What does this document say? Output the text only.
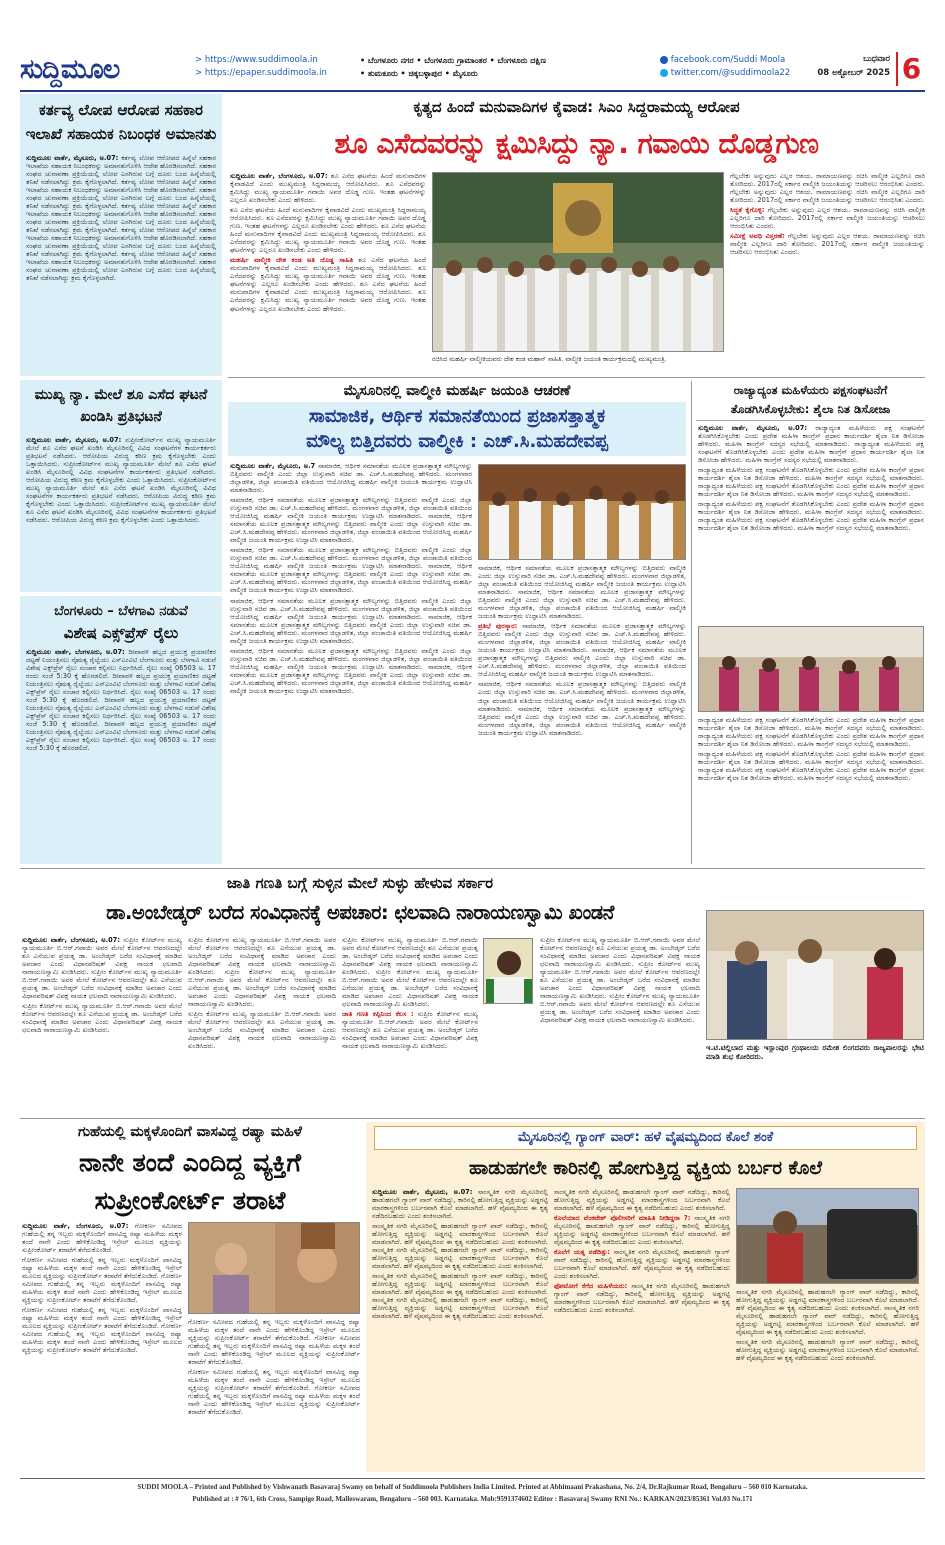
ಸುದ್ದಿಮೂಲ	> https://www.suddimoola.in
> https://epaper.suddimoola.in
• ಬೆಂಗಳೂರು ನಗರ • ಬೆಂಗಳೂರು ಗ್ರಾಮಾಂತರ • ಬೆಂಗಳೂರು ದಕ್ಷಿಣ
• ತುಮಕೂರು • ಚಿಕ್ಕಬಳ್ಳಾಪುರ • ಮೈಸೂರು
facebook.com/Suddi Moola
twitter.com/@suddimoola22
ಬುಧವಾರ
08 ಅಕ್ಟೋಬರ್ 2025 6
ಕರ್ತವ್ಯ ಲೋಪ ಆರೋಪ ಸಹಕಾರ ಇಲಾಖೆ ಸಹಾಯಕ ನಿಬಂಧಕ ಅಮಾನತು

ಸುದ್ದಿಮೂಲ ವಾರ್ತೆ, ಮೈಸೂರು, ಅ.07: ಕರ್ತವ್ಯ ಲೋಪ ಆರೋಪದ ಹಿನ್ನೆಲೆ ಸಹಕಾರ ಇಲಾಖೆಯ ಸಹಾಯಕ ನಿಬಂಧಕರನ್ನು ಅಮಾನತುಗೊಳಿಸಿ ಆದೇಶ ಹೊರಡಿಸಲಾಗಿದೆ. ಸಹಕಾರ ಸಂಘದ ಚುನಾವಣಾ ಪ್ರಕ್ರಿಯೆಯಲ್ಲಿ ಲೋಪ ಎಸಗಿರುವ ಬಗ್ಗೆ ದೂರು ಬಂದ ಹಿನ್ನೆಲೆಯಲ್ಲಿ ತನಿಖೆ ನಡೆಸಲಾಗಿದ್ದು ಕ್ರಮ ಕೈಗೊಳ್ಳಲಾಗಿದೆ. ಕರ್ತವ್ಯ ಲೋಪ ಆರೋಪದ ಹಿನ್ನೆಲೆ ಸಹಕಾರ ಇಲಾಖೆಯ ಸಹಾಯಕ ನಿಬಂಧಕರನ್ನು ಅಮಾನತುಗೊಳಿಸಿ ಆದೇಶ ಹೊರಡಿಸಲಾಗಿದೆ. ಸಹಕಾರ ಸಂಘದ ಚುನಾವಣಾ ಪ್ರಕ್ರಿಯೆಯಲ್ಲಿ ಲೋಪ ಎಸಗಿರುವ ಬಗ್ಗೆ ದೂರು ಬಂದ ಹಿನ್ನೆಲೆಯಲ್ಲಿ ತನಿಖೆ ನಡೆಸಲಾಗಿದ್ದು ಕ್ರಮ ಕೈಗೊಳ್ಳಲಾಗಿದೆ. ಕರ್ತವ್ಯ ಲೋಪ ಆರೋಪದ ಹಿನ್ನೆಲೆ ಸಹಕಾರ ಇಲಾಖೆಯ ಸಹಾಯಕ ನಿಬಂಧಕರನ್ನು ಅಮಾನತುಗೊಳಿಸಿ ಆದೇಶ ಹೊರಡಿಸಲಾಗಿದೆ. ಸಹಕಾರ ಸಂಘದ ಚುನಾವಣಾ ಪ್ರಕ್ರಿಯೆಯಲ್ಲಿ ಲೋಪ ಎಸಗಿರುವ ಬಗ್ಗೆ ದೂರು ಬಂದ ಹಿನ್ನೆಲೆಯಲ್ಲಿ ತನಿಖೆ ನಡೆಸಲಾಗಿದ್ದು ಕ್ರಮ ಕೈಗೊಳ್ಳಲಾಗಿದೆ. ಕರ್ತವ್ಯ ಲೋಪ ಆರೋಪದ ಹಿನ್ನೆಲೆ ಸಹಕಾರ ಇಲಾಖೆಯ ಸಹಾಯಕ ನಿಬಂಧಕರನ್ನು ಅಮಾನತುಗೊಳಿಸಿ ಆದೇಶ ಹೊರಡಿಸಲಾಗಿದೆ. ಸಹಕಾರ ಸಂಘದ ಚುನಾವಣಾ ಪ್ರಕ್ರಿಯೆಯಲ್ಲಿ ಲೋಪ ಎಸಗಿರುವ ಬಗ್ಗೆ ದೂರು ಬಂದ ಹಿನ್ನೆಲೆಯಲ್ಲಿ ತನಿಖೆ ನಡೆಸಲಾಗಿದ್ದು ಕ್ರಮ ಕೈಗೊಳ್ಳಲಾಗಿದೆ. ಕರ್ತವ್ಯ ಲೋಪ ಆರೋಪದ ಹಿನ್ನೆಲೆ ಸಹಕಾರ ಇಲಾಖೆಯ ಸಹಾಯಕ ನಿಬಂಧಕರನ್ನು ಅಮಾನತುಗೊಳಿಸಿ ಆದೇಶ ಹೊರಡಿಸಲಾಗಿದೆ. ಸಹಕಾರ ಸಂಘದ ಚುನಾವಣಾ ಪ್ರಕ್ರಿಯೆಯಲ್ಲಿ ಲೋಪ ಎಸಗಿರುವ ಬಗ್ಗೆ ದೂರು ಬಂದ ಹಿನ್ನೆಲೆಯಲ್ಲಿ ತನಿಖೆ ನಡೆಸಲಾಗಿದ್ದು ಕ್ರಮ ಕೈಗೊಳ್ಳಲಾಗಿದೆ.

ಮುಖ್ಯ ನ್ಯಾ. ಮೇಲೆ ಶೂ ಎಸೆದ ಘಟನೆ ಖಂಡಿಸಿ ಪ್ರತಿಭಟನೆ

ಸುದ್ದಿಮೂಲ ವಾರ್ತೆ, ಮೈಸೂರು, ಅ.07: ಸುಪ್ರೀಂಕೋರ್ಟ್‌ನ ಮುಖ್ಯ ನ್ಯಾಯಮೂರ್ತಿ ಮೇಲೆ ಶೂ ಎಸೆದ ಘಟನೆ ಖಂಡಿಸಿ ಮೈಸೂರಿನಲ್ಲಿ ವಿವಿಧ ಸಂಘಟನೆಗಳ ಕಾರ್ಯಕರ್ತರು ಪ್ರತಿಭಟನೆ ನಡೆಸಿದರು. ಆರೋಪಿಯ ವಿರುದ್ಧ ಕಠಿಣ ಕ್ರಮ ಕೈಗೊಳ್ಳಬೇಕು ಎಂದು ಒತ್ತಾಯಿಸಿದರು. ಸುಪ್ರೀಂಕೋರ್ಟ್‌ನ ಮುಖ್ಯ ನ್ಯಾಯಮೂರ್ತಿ ಮೇಲೆ ಶೂ ಎಸೆದ ಘಟನೆ ಖಂಡಿಸಿ ಮೈಸೂರಿನಲ್ಲಿ ವಿವಿಧ ಸಂಘಟನೆಗಳ ಕಾರ್ಯಕರ್ತರು ಪ್ರತಿಭಟನೆ ನಡೆಸಿದರು. ಆರೋಪಿಯ ವಿರುದ್ಧ ಕಠಿಣ ಕ್ರಮ ಕೈಗೊಳ್ಳಬೇಕು ಎಂದು ಒತ್ತಾಯಿಸಿದರು. ಸುಪ್ರೀಂಕೋರ್ಟ್‌ನ ಮುಖ್ಯ ನ್ಯಾಯಮೂರ್ತಿ ಮೇಲೆ ಶೂ ಎಸೆದ ಘಟನೆ ಖಂಡಿಸಿ ಮೈಸೂರಿನಲ್ಲಿ ವಿವಿಧ ಸಂಘಟನೆಗಳ ಕಾರ್ಯಕರ್ತರು ಪ್ರತಿಭಟನೆ ನಡೆಸಿದರು. ಆರೋಪಿಯ ವಿರುದ್ಧ ಕಠಿಣ ಕ್ರಮ ಕೈಗೊಳ್ಳಬೇಕು ಎಂದು ಒತ್ತಾಯಿಸಿದರು. ಸುಪ್ರೀಂಕೋರ್ಟ್‌ನ ಮುಖ್ಯ ನ್ಯಾಯಮೂರ್ತಿ ಮೇಲೆ ಶೂ ಎಸೆದ ಘಟನೆ ಖಂಡಿಸಿ ಮೈಸೂರಿನಲ್ಲಿ ವಿವಿಧ ಸಂಘಟನೆಗಳ ಕಾರ್ಯಕರ್ತರು ಪ್ರತಿಭಟನೆ ನಡೆಸಿದರು. ಆರೋಪಿಯ ವಿರುದ್ಧ ಕಠಿಣ ಕ್ರಮ ಕೈಗೊಳ್ಳಬೇಕು ಎಂದು ಒತ್ತಾಯಿಸಿದರು.

ಬೆಂಗಳೂರು – ಬೆಳಗಾವಿ ನಡುವೆ
ವಿಶೇಷ ಎಕ್ಸ್‌ಪ್ರೆಸ್ ರೈಲು

ಸುದ್ದಿಮೂಲ ವಾರ್ತೆ, ಬೆಂಗಳೂರು, ಅ.07: ದೀಪಾವಳಿ ಹಬ್ಬದ ಪ್ರಯುಕ್ತ ಪ್ರಯಾಣಿಕರ ದಟ್ಟಣೆ ನಿಯಂತ್ರಿಸಲು ನೈಋತ್ಯ ರೈಲ್ವೆಯು ಎಸ್‌ಎಂವಿಟಿ ಬೆಂಗಳೂರು ಮತ್ತು ಬೆಳಗಾವಿ ನಡುವೆ ವಿಶೇಷ ಎಕ್ಸ್‌ಪ್ರೆಸ್ ರೈಲು ಸಂಚಾರ ಕಲ್ಪಿಸಲು ನಿರ್ಧರಿಸಿದೆ. ರೈಲು ಸಂಖ್ಯೆ 06503 ಅ. 17 ರಂದು ಸಂಜೆ 5:30 ಕ್ಕೆ ಹೊರಡಲಿದೆ. ದೀಪಾವಳಿ ಹಬ್ಬದ ಪ್ರಯುಕ್ತ ಪ್ರಯಾಣಿಕರ ದಟ್ಟಣೆ ನಿಯಂತ್ರಿಸಲು ನೈಋತ್ಯ ರೈಲ್ವೆಯು ಎಸ್‌ಎಂವಿಟಿ ಬೆಂಗಳೂರು ಮತ್ತು ಬೆಳಗಾವಿ ನಡುವೆ ವಿಶೇಷ ಎಕ್ಸ್‌ಪ್ರೆಸ್ ರೈಲು ಸಂಚಾರ ಕಲ್ಪಿಸಲು ನಿರ್ಧರಿಸಿದೆ. ರೈಲು ಸಂಖ್ಯೆ 06503 ಅ. 17 ರಂದು ಸಂಜೆ 5:30 ಕ್ಕೆ ಹೊರಡಲಿದೆ. ದೀಪಾವಳಿ ಹಬ್ಬದ ಪ್ರಯುಕ್ತ ಪ್ರಯಾಣಿಕರ ದಟ್ಟಣೆ ನಿಯಂತ್ರಿಸಲು ನೈಋತ್ಯ ರೈಲ್ವೆಯು ಎಸ್‌ಎಂವಿಟಿ ಬೆಂಗಳೂರು ಮತ್ತು ಬೆಳಗಾವಿ ನಡುವೆ ವಿಶೇಷ ಎಕ್ಸ್‌ಪ್ರೆಸ್ ರೈಲು ಸಂಚಾರ ಕಲ್ಪಿಸಲು ನಿರ್ಧರಿಸಿದೆ. ರೈಲು ಸಂಖ್ಯೆ 06503 ಅ. 17 ರಂದು ಸಂಜೆ 5:30 ಕ್ಕೆ ಹೊರಡಲಿದೆ. ದೀಪಾವಳಿ ಹಬ್ಬದ ಪ್ರಯುಕ್ತ ಪ್ರಯಾಣಿಕರ ದಟ್ಟಣೆ ನಿಯಂತ್ರಿಸಲು ನೈಋತ್ಯ ರೈಲ್ವೆಯು ಎಸ್‌ಎಂವಿಟಿ ಬೆಂಗಳೂರು ಮತ್ತು ಬೆಳಗಾವಿ ನಡುವೆ ವಿಶೇಷ ಎಕ್ಸ್‌ಪ್ರೆಸ್ ರೈಲು ಸಂಚಾರ ಕಲ್ಪಿಸಲು ನಿರ್ಧರಿಸಿದೆ. ರೈಲು ಸಂಖ್ಯೆ 06503 ಅ. 17 ರಂದು ಸಂಜೆ 5:30 ಕ್ಕೆ ಹೊರಡಲಿದೆ.

ಕೃತ್ಯದ ಹಿಂದೆ ಮನುವಾದಿಗಳ ಕೈವಾಡ: ಸಿಎಂ ಸಿದ್ದರಾಮಯ್ಯ ಆರೋಪ
ಶೂ ಎಸೆದವರನ್ನು ಕ್ಷಮಿಸಿದ್ದು ನ್ಯಾ. ಗವಾಯಿ ದೊಡ್ಡಗುಣ

ಸುದ್ದಿಮೂಲ ವಾರ್ತೆ, ಬೆಂಗಳೂರು, ಅ.07: ಶೂ ಎಸೆದ ಘಟನೆಯ ಹಿಂದೆ ಮನುವಾದಿಗಳ ಕೈವಾಡವಿದೆ ಎಂದು ಮುಖ್ಯಮಂತ್ರಿ ಸಿದ್ದರಾಮಯ್ಯ ಆರೋಪಿಸಿದರು. ಶೂ ಎಸೆದವರನ್ನು ಕ್ಷಮಿಸಿದ್ದು ಮುಖ್ಯ ನ್ಯಾಯಮೂರ್ತಿ ಗವಾಯಿ ಅವರ ದೊಡ್ಡ ಗುಣ. ಇಂತಹ ಘಟನೆಗಳನ್ನು ಎಲ್ಲರೂ ಖಂಡಿಸಬೇಕು ಎಂದು ಹೇಳಿದರು.

ಶೂ ಎಸೆದ ಘಟನೆಯ ಹಿಂದೆ ಮನುವಾದಿಗಳ ಕೈವಾಡವಿದೆ ಎಂದು ಮುಖ್ಯಮಂತ್ರಿ ಸಿದ್ದರಾಮಯ್ಯ ಆರೋಪಿಸಿದರು. ಶೂ ಎಸೆದವರನ್ನು ಕ್ಷಮಿಸಿದ್ದು ಮುಖ್ಯ ನ್ಯಾಯಮೂರ್ತಿ ಗವಾಯಿ ಅವರ ದೊಡ್ಡ ಗುಣ. ಇಂತಹ ಘಟನೆಗಳನ್ನು ಎಲ್ಲರೂ ಖಂಡಿಸಬೇಕು ಎಂದು ಹೇಳಿದರು. ಶೂ ಎಸೆದ ಘಟನೆಯ ಹಿಂದೆ ಮನುವಾದಿಗಳ ಕೈವಾಡವಿದೆ ಎಂದು ಮುಖ್ಯಮಂತ್ರಿ ಸಿದ್ದರಾಮಯ್ಯ ಆರೋಪಿಸಿದರು. ಶೂ ಎಸೆದವರನ್ನು ಕ್ಷಮಿಸಿದ್ದು ಮುಖ್ಯ ನ್ಯಾಯಮೂರ್ತಿ ಗವಾಯಿ ಅವರ ದೊಡ್ಡ ಗುಣ. ಇಂತಹ ಘಟನೆಗಳನ್ನು ಎಲ್ಲರೂ ಖಂಡಿಸಬೇಕು ಎಂದು ಹೇಳಿದರು.

ಮಹರ್ಷಿ ವಾಲ್ಮೀಕಿ ದೇಶ ಕಂಡ ಅತಿ ದೊಡ್ಡ ಸಾಹಿತಿ ಶೂ ಎಸೆದ ಘಟನೆಯ ಹಿಂದೆ ಮನುವಾದಿಗಳ ಕೈವಾಡವಿದೆ ಎಂದು ಮುಖ್ಯಮಂತ್ರಿ ಸಿದ್ದರಾಮಯ್ಯ ಆರೋಪಿಸಿದರು. ಶೂ ಎಸೆದವರನ್ನು ಕ್ಷಮಿಸಿದ್ದು ಮುಖ್ಯ ನ್ಯಾಯಮೂರ್ತಿ ಗವಾಯಿ ಅವರ ದೊಡ್ಡ ಗುಣ. ಇಂತಹ ಘಟನೆಗಳನ್ನು ಎಲ್ಲರೂ ಖಂಡಿಸಬೇಕು ಎಂದು ಹೇಳಿದರು. ಶೂ ಎಸೆದ ಘಟನೆಯ ಹಿಂದೆ ಮನುವಾದಿಗಳ ಕೈವಾಡವಿದೆ ಎಂದು ಮುಖ್ಯಮಂತ್ರಿ ಸಿದ್ದರಾಮಯ್ಯ ಆರೋಪಿಸಿದರು. ಶೂ ಎಸೆದವರನ್ನು ಕ್ಷಮಿಸಿದ್ದು ಮುಖ್ಯ ನ್ಯಾಯಮೂರ್ತಿ ಗವಾಯಿ ಅವರ ದೊಡ್ಡ ಗುಣ. ಇಂತಹ ಘಟನೆಗಳನ್ನು ಎಲ್ಲರೂ ಖಂಡಿಸಬೇಕು ಎಂದು ಹೇಳಿದರು.

ರಚಿಸಿದ ಮಹರ್ಷಿ ವಾಲ್ಮೀಕಿಯವರು ದೇಶ ಕಂಡ ಮಹಾನ್ ಸಾಹಿತಿ. ವಾಲ್ಮೀಕಿ ಜಯಂತಿ ಕಾರ್ಯಕ್ರಮದಲ್ಲಿ ಮುಖ್ಯಮಂತ್ರಿ.

ಗೆಲ್ಲಬೇಕು ಅನ್ನುವುದು ಎಲ್ಲರ ಆಶಯ. ರಾಮಾಯಣವನ್ನು ರಚಿಸಿ ವಾಲ್ಮೀಕಿ ಎಲ್ಲರಿಗೂ ದಾರಿ ತೋರಿದರು. 2017ರಲ್ಲಿ ಸರ್ಕಾರ ವಾಲ್ಮೀಕಿ ಜಯಂತಿಯನ್ನು ಆಚರಿಸಲು ಆರಂಭಿಸಿತು ಎಂದರು. ಗೆಲ್ಲಬೇಕು ಅನ್ನುವುದು ಎಲ್ಲರ ಆಶಯ. ರಾಮಾಯಣವನ್ನು ರಚಿಸಿ ವಾಲ್ಮೀಕಿ ಎಲ್ಲರಿಗೂ ದಾರಿ ತೋರಿದರು. 2017ರಲ್ಲಿ ಸರ್ಕಾರ ವಾಲ್ಮೀಕಿ ಜಯಂತಿಯನ್ನು ಆಚರಿಸಲು ಆರಂಭಿಸಿತು ಎಂದರು.

ಸಿದ್ಧತೆ ಕೈಗೊಳ್ಳಿ: ಗೆಲ್ಲಬೇಕು ಅನ್ನುವುದು ಎಲ್ಲರ ಆಶಯ. ರಾಮಾಯಣವನ್ನು ರಚಿಸಿ ವಾಲ್ಮೀಕಿ ಎಲ್ಲರಿಗೂ ದಾರಿ ತೋರಿದರು. 2017ರಲ್ಲಿ ಸರ್ಕಾರ ವಾಲ್ಮೀಕಿ ಜಯಂತಿಯನ್ನು ಆಚರಿಸಲು ಆರಂಭಿಸಿತು ಎಂದರು.

ಸಮೀಕ್ಷೆ ಅವಧಿ ವಿಸ್ತರಣೆ: ಗೆಲ್ಲಬೇಕು ಅನ್ನುವುದು ಎಲ್ಲರ ಆಶಯ. ರಾಮಾಯಣವನ್ನು ರಚಿಸಿ ವಾಲ್ಮೀಕಿ ಎಲ್ಲರಿಗೂ ದಾರಿ ತೋರಿದರು. 2017ರಲ್ಲಿ ಸರ್ಕಾರ ವಾಲ್ಮೀಕಿ ಜಯಂತಿಯನ್ನು ಆಚರಿಸಲು ಆರಂಭಿಸಿತು ಎಂದರು.

ಮೈಸೂರಿನಲ್ಲಿ ವಾಲ್ಮೀಕಿ ಮಹರ್ಷಿ ಜಯಂತಿ ಆಚರಣೆ
ಸಾಮಾಜಿಕ, ಆರ್ಥಿಕ ಸಮಾನತೆಯಿಂದ ಪ್ರಜಾಸತ್ತಾತ್ಮಕ
ಮೌಲ್ಯ ಬಿತ್ತಿದವರು ವಾಲ್ಮೀಕಿ : ಎಚ್.ಸಿ.ಮಹದೇವಪ್ಪ

ಸುದ್ದಿಮೂಲ ವಾರ್ತೆ, ಮೈಸೂರು, ಅ.7 ಸಾಮಾಜಿಕ, ಆರ್ಥಿಕ ಸಮಾನತೆಯ ಮೂಲಕ ಪ್ರಜಾಸತ್ತಾತ್ಮಕ ಮೌಲ್ಯಗಳನ್ನು ಬಿತ್ತಿದವರು ವಾಲ್ಮೀಕಿ ಎಂದು ಜಿಲ್ಲಾ ಉಸ್ತುವಾರಿ ಸಚಿವ ಡಾ. ಎಚ್.ಸಿ.ಮಹದೇವಪ್ಪ ಹೇಳಿದರು. ಮಂಗಳವಾರ ಜಿಲ್ಲಾಡಳಿತ, ಜಿಲ್ಲಾ ಪಂಚಾಯಿತಿ ವತಿಯಿಂದ ಆಯೋಜಿಸಿದ್ದ ಮಹರ್ಷಿ ವಾಲ್ಮೀಕಿ ಜಯಂತಿ ಕಾರ್ಯಕ್ರಮ ಉದ್ಘಾಟಿಸಿ ಮಾತನಾಡಿದರು.

ಸಾಮಾಜಿಕ, ಆರ್ಥಿಕ ಸಮಾನತೆಯ ಮೂಲಕ ಪ್ರಜಾಸತ್ತಾತ್ಮಕ ಮೌಲ್ಯಗಳನ್ನು ಬಿತ್ತಿದವರು ವಾಲ್ಮೀಕಿ ಎಂದು ಜಿಲ್ಲಾ ಉಸ್ತುವಾರಿ ಸಚಿವ ಡಾ. ಎಚ್.ಸಿ.ಮಹದೇವಪ್ಪ ಹೇಳಿದರು. ಮಂಗಳವಾರ ಜಿಲ್ಲಾಡಳಿತ, ಜಿಲ್ಲಾ ಪಂಚಾಯಿತಿ ವತಿಯಿಂದ ಆಯೋಜಿಸಿದ್ದ ಮಹರ್ಷಿ ವಾಲ್ಮೀಕಿ ಜಯಂತಿ ಕಾರ್ಯಕ್ರಮ ಉದ್ಘಾಟಿಸಿ ಮಾತನಾಡಿದರು. ಸಾಮಾಜಿಕ, ಆರ್ಥಿಕ ಸಮಾನತೆಯ ಮೂಲಕ ಪ್ರಜಾಸತ್ತಾತ್ಮಕ ಮೌಲ್ಯಗಳನ್ನು ಬಿತ್ತಿದವರು ವಾಲ್ಮೀಕಿ ಎಂದು ಜಿಲ್ಲಾ ಉಸ್ತುವಾರಿ ಸಚಿವ ಡಾ. ಎಚ್.ಸಿ.ಮಹದೇವಪ್ಪ ಹೇಳಿದರು. ಮಂಗಳವಾರ ಜಿಲ್ಲಾಡಳಿತ, ಜಿಲ್ಲಾ ಪಂಚಾಯಿತಿ ವತಿಯಿಂದ ಆಯೋಜಿಸಿದ್ದ ಮಹರ್ಷಿ ವಾಲ್ಮೀಕಿ ಜಯಂತಿ ಕಾರ್ಯಕ್ರಮ ಉದ್ಘಾಟಿಸಿ ಮಾತನಾಡಿದರು.

ಸಾಮಾಜಿಕ, ಆರ್ಥಿಕ ಸಮಾನತೆಯ ಮೂಲಕ ಪ್ರಜಾಸತ್ತಾತ್ಮಕ ಮೌಲ್ಯಗಳನ್ನು ಬಿತ್ತಿದವರು ವಾಲ್ಮೀಕಿ ಎಂದು ಜಿಲ್ಲಾ ಉಸ್ತುವಾರಿ ಸಚಿವ ಡಾ. ಎಚ್.ಸಿ.ಮಹದೇವಪ್ಪ ಹೇಳಿದರು. ಮಂಗಳವಾರ ಜಿಲ್ಲಾಡಳಿತ, ಜಿಲ್ಲಾ ಪಂಚಾಯಿತಿ ವತಿಯಿಂದ ಆಯೋಜಿಸಿದ್ದ ಮಹರ್ಷಿ ವಾಲ್ಮೀಕಿ ಜಯಂತಿ ಕಾರ್ಯಕ್ರಮ ಉದ್ಘಾಟಿಸಿ ಮಾತನಾಡಿದರು. ಸಾಮಾಜಿಕ, ಆರ್ಥಿಕ ಸಮಾನತೆಯ ಮೂಲಕ ಪ್ರಜಾಸತ್ತಾತ್ಮಕ ಮೌಲ್ಯಗಳನ್ನು ಬಿತ್ತಿದವರು ವಾಲ್ಮೀಕಿ ಎಂದು ಜಿಲ್ಲಾ ಉಸ್ತುವಾರಿ ಸಚಿವ ಡಾ. ಎಚ್.ಸಿ.ಮಹದೇವಪ್ಪ ಹೇಳಿದರು. ಮಂಗಳವಾರ ಜಿಲ್ಲಾಡಳಿತ, ಜಿಲ್ಲಾ ಪಂಚಾಯಿತಿ ವತಿಯಿಂದ ಆಯೋಜಿಸಿದ್ದ ಮಹರ್ಷಿ ವಾಲ್ಮೀಕಿ ಜಯಂತಿ ಕಾರ್ಯಕ್ರಮ ಉದ್ಘಾಟಿಸಿ ಮಾತನಾಡಿದರು.

ಸಾಮಾಜಿಕ, ಆರ್ಥಿಕ ಸಮಾನತೆಯ ಮೂಲಕ ಪ್ರಜಾಸತ್ತಾತ್ಮಕ ಮೌಲ್ಯಗಳನ್ನು ಬಿತ್ತಿದವರು ವಾಲ್ಮೀಕಿ ಎಂದು ಜಿಲ್ಲಾ ಉಸ್ತುವಾರಿ ಸಚಿವ ಡಾ. ಎಚ್.ಸಿ.ಮಹದೇವಪ್ಪ ಹೇಳಿದರು. ಮಂಗಳವಾರ ಜಿಲ್ಲಾಡಳಿತ, ಜಿಲ್ಲಾ ಪಂಚಾಯಿತಿ ವತಿಯಿಂದ ಆಯೋಜಿಸಿದ್ದ ಮಹರ್ಷಿ ವಾಲ್ಮೀಕಿ ಜಯಂತಿ ಕಾರ್ಯಕ್ರಮ ಉದ್ಘಾಟಿಸಿ ಮಾತನಾಡಿದರು. ಸಾಮಾಜಿಕ, ಆರ್ಥಿಕ ಸಮಾನತೆಯ ಮೂಲಕ ಪ್ರಜಾಸತ್ತಾತ್ಮಕ ಮೌಲ್ಯಗಳನ್ನು ಬಿತ್ತಿದವರು ವಾಲ್ಮೀಕಿ ಎಂದು ಜಿಲ್ಲಾ ಉಸ್ತುವಾರಿ ಸಚಿವ ಡಾ. ಎಚ್.ಸಿ.ಮಹದೇವಪ್ಪ ಹೇಳಿದರು. ಮಂಗಳವಾರ ಜಿಲ್ಲಾಡಳಿತ, ಜಿಲ್ಲಾ ಪಂಚಾಯಿತಿ ವತಿಯಿಂದ ಆಯೋಜಿಸಿದ್ದ ಮಹರ್ಷಿ ವಾಲ್ಮೀಕಿ ಜಯಂತಿ ಕಾರ್ಯಕ್ರಮ ಉದ್ಘಾಟಿಸಿ ಮಾತನಾಡಿದರು.

ಸಾಮಾಜಿಕ, ಆರ್ಥಿಕ ಸಮಾನತೆಯ ಮೂಲಕ ಪ್ರಜಾಸತ್ತಾತ್ಮಕ ಮೌಲ್ಯಗಳನ್ನು ಬಿತ್ತಿದವರು ವಾಲ್ಮೀಕಿ ಎಂದು ಜಿಲ್ಲಾ ಉಸ್ತುವಾರಿ ಸಚಿವ ಡಾ. ಎಚ್.ಸಿ.ಮಹದೇವಪ್ಪ ಹೇಳಿದರು. ಮಂಗಳವಾರ ಜಿಲ್ಲಾಡಳಿತ, ಜಿಲ್ಲಾ ಪಂಚಾಯಿತಿ ವತಿಯಿಂದ ಆಯೋಜಿಸಿದ್ದ ಮಹರ್ಷಿ ವಾಲ್ಮೀಕಿ ಜಯಂತಿ ಕಾರ್ಯಕ್ರಮ ಉದ್ಘಾಟಿಸಿ ಮಾತನಾಡಿದರು. ಸಾಮಾಜಿಕ, ಆರ್ಥಿಕ ಸಮಾನತೆಯ ಮೂಲಕ ಪ್ರಜಾಸತ್ತಾತ್ಮಕ ಮೌಲ್ಯಗಳನ್ನು ಬಿತ್ತಿದವರು ವಾಲ್ಮೀಕಿ ಎಂದು ಜಿಲ್ಲಾ ಉಸ್ತುವಾರಿ ಸಚಿವ ಡಾ. ಎಚ್.ಸಿ.ಮಹದೇವಪ್ಪ ಹೇಳಿದರು. ಮಂಗಳವಾರ ಜಿಲ್ಲಾಡಳಿತ, ಜಿಲ್ಲಾ ಪಂಚಾಯಿತಿ ವತಿಯಿಂದ ಆಯೋಜಿಸಿದ್ದ ಮಹರ್ಷಿ ವಾಲ್ಮೀಕಿ ಜಯಂತಿ ಕಾರ್ಯಕ್ರಮ ಉದ್ಘಾಟಿಸಿ ಮಾತನಾಡಿದರು.

ಸಾಮಾಜಿಕ, ಆರ್ಥಿಕ ಸಮಾನತೆಯ ಮೂಲಕ ಪ್ರಜಾಸತ್ತಾತ್ಮಕ ಮೌಲ್ಯಗಳನ್ನು ಬಿತ್ತಿದವರು ವಾಲ್ಮೀಕಿ ಎಂದು ಜಿಲ್ಲಾ ಉಸ್ತುವಾರಿ ಸಚಿವ ಡಾ. ಎಚ್.ಸಿ.ಮಹದೇವಪ್ಪ ಹೇಳಿದರು. ಮಂಗಳವಾರ ಜಿಲ್ಲಾಡಳಿತ, ಜಿಲ್ಲಾ ಪಂಚಾಯಿತಿ ವತಿಯಿಂದ ಆಯೋಜಿಸಿದ್ದ ಮಹರ್ಷಿ ವಾಲ್ಮೀಕಿ ಜಯಂತಿ ಕಾರ್ಯಕ್ರಮ ಉದ್ಘಾಟಿಸಿ ಮಾತನಾಡಿದರು. ಸಾಮಾಜಿಕ, ಆರ್ಥಿಕ ಸಮಾನತೆಯ ಮೂಲಕ ಪ್ರಜಾಸತ್ತಾತ್ಮಕ ಮೌಲ್ಯಗಳನ್ನು ಬಿತ್ತಿದವರು ವಾಲ್ಮೀಕಿ ಎಂದು ಜಿಲ್ಲಾ ಉಸ್ತುವಾರಿ ಸಚಿವ ಡಾ. ಎಚ್.ಸಿ.ಮಹದೇವಪ್ಪ ಹೇಳಿದರು. ಮಂಗಳವಾರ ಜಿಲ್ಲಾಡಳಿತ, ಜಿಲ್ಲಾ ಪಂಚಾಯಿತಿ ವತಿಯಿಂದ ಆಯೋಜಿಸಿದ್ದ ಮಹರ್ಷಿ ವಾಲ್ಮೀಕಿ ಜಯಂತಿ ಕಾರ್ಯಕ್ರಮ ಉದ್ಘಾಟಿಸಿ ಮಾತನಾಡಿದರು.

ಪ್ರತಿಭೆ ಪುರಸ್ಕಾರ: ಸಾಮಾಜಿಕ, ಆರ್ಥಿಕ ಸಮಾನತೆಯ ಮೂಲಕ ಪ್ರಜಾಸತ್ತಾತ್ಮಕ ಮೌಲ್ಯಗಳನ್ನು ಬಿತ್ತಿದವರು ವಾಲ್ಮೀಕಿ ಎಂದು ಜಿಲ್ಲಾ ಉಸ್ತುವಾರಿ ಸಚಿವ ಡಾ. ಎಚ್.ಸಿ.ಮಹದೇವಪ್ಪ ಹೇಳಿದರು. ಮಂಗಳವಾರ ಜಿಲ್ಲಾಡಳಿತ, ಜಿಲ್ಲಾ ಪಂಚಾಯಿತಿ ವತಿಯಿಂದ ಆಯೋಜಿಸಿದ್ದ ಮಹರ್ಷಿ ವಾಲ್ಮೀಕಿ ಜಯಂತಿ ಕಾರ್ಯಕ್ರಮ ಉದ್ಘಾಟಿಸಿ ಮಾತನಾಡಿದರು. ಸಾಮಾಜಿಕ, ಆರ್ಥಿಕ ಸಮಾನತೆಯ ಮೂಲಕ ಪ್ರಜಾಸತ್ತಾತ್ಮಕ ಮೌಲ್ಯಗಳನ್ನು ಬಿತ್ತಿದವರು ವಾಲ್ಮೀಕಿ ಎಂದು ಜಿಲ್ಲಾ ಉಸ್ತುವಾರಿ ಸಚಿವ ಡಾ. ಎಚ್.ಸಿ.ಮಹದೇವಪ್ಪ ಹೇಳಿದರು. ಮಂಗಳವಾರ ಜಿಲ್ಲಾಡಳಿತ, ಜಿಲ್ಲಾ ಪಂಚಾಯಿತಿ ವತಿಯಿಂದ ಆಯೋಜಿಸಿದ್ದ ಮಹರ್ಷಿ ವಾಲ್ಮೀಕಿ ಜಯಂತಿ ಕಾರ್ಯಕ್ರಮ ಉದ್ಘಾಟಿಸಿ ಮಾತನಾಡಿದರು.

ಸಾಮಾಜಿಕ, ಆರ್ಥಿಕ ಸಮಾನತೆಯ ಮೂಲಕ ಪ್ರಜಾಸತ್ತಾತ್ಮಕ ಮೌಲ್ಯಗಳನ್ನು ಬಿತ್ತಿದವರು ವಾಲ್ಮೀಕಿ ಎಂದು ಜಿಲ್ಲಾ ಉಸ್ತುವಾರಿ ಸಚಿವ ಡಾ. ಎಚ್.ಸಿ.ಮಹದೇವಪ್ಪ ಹೇಳಿದರು. ಮಂಗಳವಾರ ಜಿಲ್ಲಾಡಳಿತ, ಜಿಲ್ಲಾ ಪಂಚಾಯಿತಿ ವತಿಯಿಂದ ಆಯೋಜಿಸಿದ್ದ ಮಹರ್ಷಿ ವಾಲ್ಮೀಕಿ ಜಯಂತಿ ಕಾರ್ಯಕ್ರಮ ಉದ್ಘಾಟಿಸಿ ಮಾತನಾಡಿದರು. ಸಾಮಾಜಿಕ, ಆರ್ಥಿಕ ಸಮಾನತೆಯ ಮೂಲಕ ಪ್ರಜಾಸತ್ತಾತ್ಮಕ ಮೌಲ್ಯಗಳನ್ನು ಬಿತ್ತಿದವರು ವಾಲ್ಮೀಕಿ ಎಂದು ಜಿಲ್ಲಾ ಉಸ್ತುವಾರಿ ಸಚಿವ ಡಾ. ಎಚ್.ಸಿ.ಮಹದೇವಪ್ಪ ಹೇಳಿದರು. ಮಂಗಳವಾರ ಜಿಲ್ಲಾಡಳಿತ, ಜಿಲ್ಲಾ ಪಂಚಾಯಿತಿ ವತಿಯಿಂದ ಆಯೋಜಿಸಿದ್ದ ಮಹರ್ಷಿ ವಾಲ್ಮೀಕಿ ಜಯಂತಿ ಕಾರ್ಯಕ್ರಮ ಉದ್ಘಾಟಿಸಿ ಮಾತನಾಡಿದರು.

ರಾಜ್ಯಾದ್ಯಂತ ಮಹಿಳೆಯರು ಪಕ್ಷಸಂಘಟನೆಗೆ
ತೊಡಗಿಸಿಕೊಳ್ಳಬೇಕು: ಶೈಲಾ ನಿತ ಡಿಸೋಜಾ

ಸುದ್ದಿಮೂಲ ವಾರ್ತೆ, ಮೈಸೂರು, ಅ.07: ರಾಜ್ಯಾದ್ಯಂತ ಮಹಿಳೆಯರು ಪಕ್ಷ ಸಂಘಟನೆಗೆ ತೊಡಗಿಸಿಕೊಳ್ಳಬೇಕು ಎಂದು ಪ್ರದೇಶ ಮಹಿಳಾ ಕಾಂಗ್ರೆಸ್ ಪ್ರಧಾನ ಕಾರ್ಯದರ್ಶಿ ಶೈಲಾ ನಿತ ಡಿಸೋಜಾ ಹೇಳಿದರು. ಮಹಿಳಾ ಕಾಂಗ್ರೆಸ್ ಸದಸ್ಯರ ಸಭೆಯಲ್ಲಿ ಮಾತನಾಡಿದರು. ರಾಜ್ಯಾದ್ಯಂತ ಮಹಿಳೆಯರು ಪಕ್ಷ ಸಂಘಟನೆಗೆ ತೊಡಗಿಸಿಕೊಳ್ಳಬೇಕು ಎಂದು ಪ್ರದೇಶ ಮಹಿಳಾ ಕಾಂಗ್ರೆಸ್ ಪ್ರಧಾನ ಕಾರ್ಯದರ್ಶಿ ಶೈಲಾ ನಿತ ಡಿಸೋಜಾ ಹೇಳಿದರು. ಮಹಿಳಾ ಕಾಂಗ್ರೆಸ್ ಸದಸ್ಯರ ಸಭೆಯಲ್ಲಿ ಮಾತನಾಡಿದರು.

ರಾಜ್ಯಾದ್ಯಂತ ಮಹಿಳೆಯರು ಪಕ್ಷ ಸಂಘಟನೆಗೆ ತೊಡಗಿಸಿಕೊಳ್ಳಬೇಕು ಎಂದು ಪ್ರದೇಶ ಮಹಿಳಾ ಕಾಂಗ್ರೆಸ್ ಪ್ರಧಾನ ಕಾರ್ಯದರ್ಶಿ ಶೈಲಾ ನಿತ ಡಿಸೋಜಾ ಹೇಳಿದರು. ಮಹಿಳಾ ಕಾಂಗ್ರೆಸ್ ಸದಸ್ಯರ ಸಭೆಯಲ್ಲಿ ಮಾತನಾಡಿದರು. ರಾಜ್ಯಾದ್ಯಂತ ಮಹಿಳೆಯರು ಪಕ್ಷ ಸಂಘಟನೆಗೆ ತೊಡಗಿಸಿಕೊಳ್ಳಬೇಕು ಎಂದು ಪ್ರದೇಶ ಮಹಿಳಾ ಕಾಂಗ್ರೆಸ್ ಪ್ರಧಾನ ಕಾರ್ಯದರ್ಶಿ ಶೈಲಾ ನಿತ ಡಿಸೋಜಾ ಹೇಳಿದರು. ಮಹಿಳಾ ಕಾಂಗ್ರೆಸ್ ಸದಸ್ಯರ ಸಭೆಯಲ್ಲಿ ಮಾತನಾಡಿದರು.

ರಾಜ್ಯಾದ್ಯಂತ ಮಹಿಳೆಯರು ಪಕ್ಷ ಸಂಘಟನೆಗೆ ತೊಡಗಿಸಿಕೊಳ್ಳಬೇಕು ಎಂದು ಪ್ರದೇಶ ಮಹಿಳಾ ಕಾಂಗ್ರೆಸ್ ಪ್ರಧಾನ ಕಾರ್ಯದರ್ಶಿ ಶೈಲಾ ನಿತ ಡಿಸೋಜಾ ಹೇಳಿದರು. ಮಹಿಳಾ ಕಾಂಗ್ರೆಸ್ ಸದಸ್ಯರ ಸಭೆಯಲ್ಲಿ ಮಾತನಾಡಿದರು. ರಾಜ್ಯಾದ್ಯಂತ ಮಹಿಳೆಯರು ಪಕ್ಷ ಸಂಘಟನೆಗೆ ತೊಡಗಿಸಿಕೊಳ್ಳಬೇಕು ಎಂದು ಪ್ರದೇಶ ಮಹಿಳಾ ಕಾಂಗ್ರೆಸ್ ಪ್ರಧಾನ ಕಾರ್ಯದರ್ಶಿ ಶೈಲಾ ನಿತ ಡಿಸೋಜಾ ಹೇಳಿದರು. ಮಹಿಳಾ ಕಾಂಗ್ರೆಸ್ ಸದಸ್ಯರ ಸಭೆಯಲ್ಲಿ ಮಾತನಾಡಿದರು.

ರಾಜ್ಯಾದ್ಯಂತ ಮಹಿಳೆಯರು ಪಕ್ಷ ಸಂಘಟನೆಗೆ ತೊಡಗಿಸಿಕೊಳ್ಳಬೇಕು ಎಂದು ಪ್ರದೇಶ ಮಹಿಳಾ ಕಾಂಗ್ರೆಸ್ ಪ್ರಧಾನ ಕಾರ್ಯದರ್ಶಿ ಶೈಲಾ ನಿತ ಡಿಸೋಜಾ ಹೇಳಿದರು. ಮಹಿಳಾ ಕಾಂಗ್ರೆಸ್ ಸದಸ್ಯರ ಸಭೆಯಲ್ಲಿ ಮಾತನಾಡಿದರು. ರಾಜ್ಯಾದ್ಯಂತ ಮಹಿಳೆಯರು ಪಕ್ಷ ಸಂಘಟನೆಗೆ ತೊಡಗಿಸಿಕೊಳ್ಳಬೇಕು ಎಂದು ಪ್ರದೇಶ ಮಹಿಳಾ ಕಾಂಗ್ರೆಸ್ ಪ್ರಧಾನ ಕಾರ್ಯದರ್ಶಿ ಶೈಲಾ ನಿತ ಡಿಸೋಜಾ ಹೇಳಿದರು. ಮಹಿಳಾ ಕಾಂಗ್ರೆಸ್ ಸದಸ್ಯರ ಸಭೆಯಲ್ಲಿ ಮಾತನಾಡಿದರು.

ರಾಜ್ಯಾದ್ಯಂತ ಮಹಿಳೆಯರು ಪಕ್ಷ ಸಂಘಟನೆಗೆ ತೊಡಗಿಸಿಕೊಳ್ಳಬೇಕು ಎಂದು ಪ್ರದೇಶ ಮಹಿಳಾ ಕಾಂಗ್ರೆಸ್ ಪ್ರಧಾನ ಕಾರ್ಯದರ್ಶಿ ಶೈಲಾ ನಿತ ಡಿಸೋಜಾ ಹೇಳಿದರು. ಮಹಿಳಾ ಕಾಂಗ್ರೆಸ್ ಸದಸ್ಯರ ಸಭೆಯಲ್ಲಿ ಮಾತನಾಡಿದರು. ರಾಜ್ಯಾದ್ಯಂತ ಮಹಿಳೆಯರು ಪಕ್ಷ ಸಂಘಟನೆಗೆ ತೊಡಗಿಸಿಕೊಳ್ಳಬೇಕು ಎಂದು ಪ್ರದೇಶ ಮಹಿಳಾ ಕಾಂಗ್ರೆಸ್ ಪ್ರಧಾನ ಕಾರ್ಯದರ್ಶಿ ಶೈಲಾ ನಿತ ಡಿಸೋಜಾ ಹೇಳಿದರು. ಮಹಿಳಾ ಕಾಂಗ್ರೆಸ್ ಸದಸ್ಯರ ಸಭೆಯಲ್ಲಿ ಮಾತನಾಡಿದರು.

ಜಾತಿ ಗಣತಿ ಬಗ್ಗೆ ಸುಳ್ಳಿನ ಮೇಲೆ ಸುಳ್ಳು ಹೇಳುವ ಸರ್ಕಾರ
ಡಾ.ಅಂಬೇಡ್ಕರ್ ಬರೆದ ಸಂವಿಧಾನಕ್ಕೆ ಅಪಚಾರ: ಛಲವಾದಿ ನಾರಾಯಣಸ್ವಾಮಿ ಖಂಡನೆ

ಸುದ್ದಿಮೂಲ ವಾರ್ತೆ, ಬೆಂಗಳೂರು, ಅ.07: ಸುಪ್ರೀಂ ಕೋರ್ಟ್‌ನ ಮುಖ್ಯ ನ್ಯಾಯಮೂರ್ತಿ ಬಿ.ಆರ್.ಗವಾಯಿ ಅವರ ಮೇಲೆ ಕೋರ್ಟ್‌ನ ಆವರಣದಲ್ಲೇ ಶೂ ಎಸೆಯುವ ಪ್ರಯತ್ನ ಡಾ. ಅಂಬೇಡ್ಕರ್ ಬರೆದ ಸಂವಿಧಾನಕ್ಕೆ ಮಾಡಿದ ಅಪಚಾರ ಎಂದು ವಿಧಾನಪರಿಷತ್ ವಿಪಕ್ಷ ನಾಯಕ ಛಲವಾದಿ ನಾರಾಯಣಸ್ವಾಮಿ ಖಂಡಿಸಿದರು. ಸುಪ್ರೀಂ ಕೋರ್ಟ್‌ನ ಮುಖ್ಯ ನ್ಯಾಯಮೂರ್ತಿ ಬಿ.ಆರ್.ಗವಾಯಿ ಅವರ ಮೇಲೆ ಕೋರ್ಟ್‌ನ ಆವರಣದಲ್ಲೇ ಶೂ ಎಸೆಯುವ ಪ್ರಯತ್ನ ಡಾ. ಅಂಬೇಡ್ಕರ್ ಬರೆದ ಸಂವಿಧಾನಕ್ಕೆ ಮಾಡಿದ ಅಪಚಾರ ಎಂದು ವಿಧಾನಪರಿಷತ್ ವಿಪಕ್ಷ ನಾಯಕ ಛಲವಾದಿ ನಾರಾಯಣಸ್ವಾಮಿ ಖಂಡಿಸಿದರು.

ಸುಪ್ರೀಂ ಕೋರ್ಟ್‌ನ ಮುಖ್ಯ ನ್ಯಾಯಮೂರ್ತಿ ಬಿ.ಆರ್.ಗವಾಯಿ ಅವರ ಮೇಲೆ ಕೋರ್ಟ್‌ನ ಆವರಣದಲ್ಲೇ ಶೂ ಎಸೆಯುವ ಪ್ರಯತ್ನ ಡಾ. ಅಂಬೇಡ್ಕರ್ ಬರೆದ ಸಂವಿಧಾನಕ್ಕೆ ಮಾಡಿದ ಅಪಚಾರ ಎಂದು ವಿಧಾನಪರಿಷತ್ ವಿಪಕ್ಷ ನಾಯಕ ಛಲವಾದಿ ನಾರಾಯಣಸ್ವಾಮಿ ಖಂಡಿಸಿದರು.

ಸುಪ್ರೀಂ ಕೋರ್ಟ್‌ನ ಮುಖ್ಯ ನ್ಯಾಯಮೂರ್ತಿ ಬಿ.ಆರ್.ಗವಾಯಿ ಅವರ ಮೇಲೆ ಕೋರ್ಟ್‌ನ ಆವರಣದಲ್ಲೇ ಶೂ ಎಸೆಯುವ ಪ್ರಯತ್ನ ಡಾ. ಅಂಬೇಡ್ಕರ್ ಬರೆದ ಸಂವಿಧಾನಕ್ಕೆ ಮಾಡಿದ ಅಪಚಾರ ಎಂದು ವಿಧಾನಪರಿಷತ್ ವಿಪಕ್ಷ ನಾಯಕ ಛಲವಾದಿ ನಾರಾಯಣಸ್ವಾಮಿ ಖಂಡಿಸಿದರು. ಸುಪ್ರೀಂ ಕೋರ್ಟ್‌ನ ಮುಖ್ಯ ನ್ಯಾಯಮೂರ್ತಿ ಬಿ.ಆರ್.ಗವಾಯಿ ಅವರ ಮೇಲೆ ಕೋರ್ಟ್‌ನ ಆವರಣದಲ್ಲೇ ಶೂ ಎಸೆಯುವ ಪ್ರಯತ್ನ ಡಾ. ಅಂಬೇಡ್ಕರ್ ಬರೆದ ಸಂವಿಧಾನಕ್ಕೆ ಮಾಡಿದ ಅಪಚಾರ ಎಂದು ವಿಧಾನಪರಿಷತ್ ವಿಪಕ್ಷ ನಾಯಕ ಛಲವಾದಿ ನಾರಾಯಣಸ್ವಾಮಿ ಖಂಡಿಸಿದರು.

ಸುಪ್ರೀಂ ಕೋರ್ಟ್‌ನ ಮುಖ್ಯ ನ್ಯಾಯಮೂರ್ತಿ ಬಿ.ಆರ್.ಗವಾಯಿ ಅವರ ಮೇಲೆ ಕೋರ್ಟ್‌ನ ಆವರಣದಲ್ಲೇ ಶೂ ಎಸೆಯುವ ಪ್ರಯತ್ನ ಡಾ. ಅಂಬೇಡ್ಕರ್ ಬರೆದ ಸಂವಿಧಾನಕ್ಕೆ ಮಾಡಿದ ಅಪಚಾರ ಎಂದು ವಿಧಾನಪರಿಷತ್ ವಿಪಕ್ಷ ನಾಯಕ ಛಲವಾದಿ ನಾರಾಯಣಸ್ವಾಮಿ ಖಂಡಿಸಿದರು.

ಸುಪ್ರೀಂ ಕೋರ್ಟ್‌ನ ಮುಖ್ಯ ನ್ಯಾಯಮೂರ್ತಿ ಬಿ.ಆರ್.ಗವಾಯಿ ಅವರ ಮೇಲೆ ಕೋರ್ಟ್‌ನ ಆವರಣದಲ್ಲೇ ಶೂ ಎಸೆಯುವ ಪ್ರಯತ್ನ ಡಾ. ಅಂಬೇಡ್ಕರ್ ಬರೆದ ಸಂವಿಧಾನಕ್ಕೆ ಮಾಡಿದ ಅಪಚಾರ ಎಂದು ವಿಧಾನಪರಿಷತ್ ವಿಪಕ್ಷ ನಾಯಕ ಛಲವಾದಿ ನಾರಾಯಣಸ್ವಾಮಿ ಖಂಡಿಸಿದರು. ಸುಪ್ರೀಂ ಕೋರ್ಟ್‌ನ ಮುಖ್ಯ ನ್ಯಾಯಮೂರ್ತಿ ಬಿ.ಆರ್.ಗವಾಯಿ ಅವರ ಮೇಲೆ ಕೋರ್ಟ್‌ನ ಆವರಣದಲ್ಲೇ ಶೂ ಎಸೆಯುವ ಪ್ರಯತ್ನ ಡಾ. ಅಂಬೇಡ್ಕರ್ ಬರೆದ ಸಂವಿಧಾನಕ್ಕೆ ಮಾಡಿದ ಅಪಚಾರ ಎಂದು ವಿಧಾನಪರಿಷತ್ ವಿಪಕ್ಷ ನಾಯಕ ಛಲವಾದಿ ನಾರಾಯಣಸ್ವಾಮಿ ಖಂಡಿಸಿದರು.

ಜಾತಿ ಗಣತಿ ಕಪ್ಪಿನಿಂದ ಕೆಲಸ : ಸುಪ್ರೀಂ ಕೋರ್ಟ್‌ನ ಮುಖ್ಯ ನ್ಯಾಯಮೂರ್ತಿ ಬಿ.ಆರ್.ಗವಾಯಿ ಅವರ ಮೇಲೆ ಕೋರ್ಟ್‌ನ ಆವರಣದಲ್ಲೇ ಶೂ ಎಸೆಯುವ ಪ್ರಯತ್ನ ಡಾ. ಅಂಬೇಡ್ಕರ್ ಬರೆದ ಸಂವಿಧಾನಕ್ಕೆ ಮಾಡಿದ ಅಪಚಾರ ಎಂದು ವಿಧಾನಪರಿಷತ್ ವಿಪಕ್ಷ ನಾಯಕ ಛಲವಾದಿ ನಾರಾಯಣಸ್ವಾಮಿ ಖಂಡಿಸಿದರು.

ಸುಪ್ರೀಂ ಕೋರ್ಟ್‌ನ ಮುಖ್ಯ ನ್ಯಾಯಮೂರ್ತಿ ಬಿ.ಆರ್.ಗವಾಯಿ ಅವರ ಮೇಲೆ ಕೋರ್ಟ್‌ನ ಆವರಣದಲ್ಲೇ ಶೂ ಎಸೆಯುವ ಪ್ರಯತ್ನ ಡಾ. ಅಂಬೇಡ್ಕರ್ ಬರೆದ ಸಂವಿಧಾನಕ್ಕೆ ಮಾಡಿದ ಅಪಚಾರ ಎಂದು ವಿಧಾನಪರಿಷತ್ ವಿಪಕ್ಷ ನಾಯಕ ಛಲವಾದಿ ನಾರಾಯಣಸ್ವಾಮಿ ಖಂಡಿಸಿದರು. ಸುಪ್ರೀಂ ಕೋರ್ಟ್‌ನ ಮುಖ್ಯ ನ್ಯಾಯಮೂರ್ತಿ ಬಿ.ಆರ್.ಗವಾಯಿ ಅವರ ಮೇಲೆ ಕೋರ್ಟ್‌ನ ಆವರಣದಲ್ಲೇ ಶೂ ಎಸೆಯುವ ಪ್ರಯತ್ನ ಡಾ. ಅಂಬೇಡ್ಕರ್ ಬರೆದ ಸಂವಿಧಾನಕ್ಕೆ ಮಾಡಿದ ಅಪಚಾರ ಎಂದು ವಿಧಾನಪರಿಷತ್ ವಿಪಕ್ಷ ನಾಯಕ ಛಲವಾದಿ ನಾರಾಯಣಸ್ವಾಮಿ ಖಂಡಿಸಿದರು. ಸುಪ್ರೀಂ ಕೋರ್ಟ್‌ನ ಮುಖ್ಯ ನ್ಯಾಯಮೂರ್ತಿ ಬಿ.ಆರ್.ಗವಾಯಿ ಅವರ ಮೇಲೆ ಕೋರ್ಟ್‌ನ ಆವರಣದಲ್ಲೇ ಶೂ ಎಸೆಯುವ ಪ್ರಯತ್ನ ಡಾ. ಅಂಬೇಡ್ಕರ್ ಬರೆದ ಸಂವಿಧಾನಕ್ಕೆ ಮಾಡಿದ ಅಪಚಾರ ಎಂದು ವಿಧಾನಪರಿಷತ್ ವಿಪಕ್ಷ ನಾಯಕ ಛಲವಾದಿ ನಾರಾಯಣಸ್ವಾಮಿ ಖಂಡಿಸಿದರು.

ಇ.ಟಿ.ಟಿಲ್ಲಿಬಾದ ಮತ್ತು ಇಸ್ಲಾಂಪುರ ಗ್ರಂಥಾಲಯ ರಮೇಶ ಲಿಂಗದವರು ರಾಜ್ಯಪಾಲರನ್ನು ಭೇಟಿ ಮಾಡಿ ಶುಭ ಕೋರಿದರು.
ಗುಹೆಯಲ್ಲಿ ಮಕ್ಕಳೊಂದಿಗೆ ವಾಸವಿದ್ದ ರಷ್ಯಾ ಮಹಿಳೆ
ನಾನೇ ತಂದೆ ಎಂದಿದ್ದ ವ್ಯಕ್ತಿಗೆ
ಸುಪ್ರೀಂಕೋರ್ಟ್ ತರಾಟೆ

ಸುದ್ದಿಮೂಲ ವಾರ್ತೆ, ಬೆಂಗಳೂರು, ಅ.07: ಗೋಕರ್ಣ ಸಮೀಪದ ಗುಹೆಯಲ್ಲಿ ತನ್ನ ಇಬ್ಬರು ಮಕ್ಕಳೊಂದಿಗೆ ವಾಸವಿದ್ದ ರಷ್ಯಾ ಮಹಿಳೆಯ ಮಕ್ಕಳ ತಂದೆ ನಾನೇ ಎಂದು ಹೇಳಿಕೊಂಡಿದ್ದ ಇಸ್ರೇಲ್ ಮೂಲದ ವ್ಯಕ್ತಿಯನ್ನು ಸುಪ್ರೀಂಕೋರ್ಟ್ ತರಾಟೆಗೆ ತೆಗೆದುಕೊಂಡಿದೆ.

ಗೋಕರ್ಣ ಸಮೀಪದ ಗುಹೆಯಲ್ಲಿ ತನ್ನ ಇಬ್ಬರು ಮಕ್ಕಳೊಂದಿಗೆ ವಾಸವಿದ್ದ ರಷ್ಯಾ ಮಹಿಳೆಯ ಮಕ್ಕಳ ತಂದೆ ನಾನೇ ಎಂದು ಹೇಳಿಕೊಂಡಿದ್ದ ಇಸ್ರೇಲ್ ಮೂಲದ ವ್ಯಕ್ತಿಯನ್ನು ಸುಪ್ರೀಂಕೋರ್ಟ್ ತರಾಟೆಗೆ ತೆಗೆದುಕೊಂಡಿದೆ. ಗೋಕರ್ಣ ಸಮೀಪದ ಗುಹೆಯಲ್ಲಿ ತನ್ನ ಇಬ್ಬರು ಮಕ್ಕಳೊಂದಿಗೆ ವಾಸವಿದ್ದ ರಷ್ಯಾ ಮಹಿಳೆಯ ಮಕ್ಕಳ ತಂದೆ ನಾನೇ ಎಂದು ಹೇಳಿಕೊಂಡಿದ್ದ ಇಸ್ರೇಲ್ ಮೂಲದ ವ್ಯಕ್ತಿಯನ್ನು ಸುಪ್ರೀಂಕೋರ್ಟ್ ತರಾಟೆಗೆ ತೆಗೆದುಕೊಂಡಿದೆ.

ಗೋಕರ್ಣ ಸಮೀಪದ ಗುಹೆಯಲ್ಲಿ ತನ್ನ ಇಬ್ಬರು ಮಕ್ಕಳೊಂದಿಗೆ ವಾಸವಿದ್ದ ರಷ್ಯಾ ಮಹಿಳೆಯ ಮಕ್ಕಳ ತಂದೆ ನಾನೇ ಎಂದು ಹೇಳಿಕೊಂಡಿದ್ದ ಇಸ್ರೇಲ್ ಮೂಲದ ವ್ಯಕ್ತಿಯನ್ನು ಸುಪ್ರೀಂಕೋರ್ಟ್ ತರಾಟೆಗೆ ತೆಗೆದುಕೊಂಡಿದೆ. ಗೋಕರ್ಣ ಸಮೀಪದ ಗುಹೆಯಲ್ಲಿ ತನ್ನ ಇಬ್ಬರು ಮಕ್ಕಳೊಂದಿಗೆ ವಾಸವಿದ್ದ ರಷ್ಯಾ ಮಹಿಳೆಯ ಮಕ್ಕಳ ತಂದೆ ನಾನೇ ಎಂದು ಹೇಳಿಕೊಂಡಿದ್ದ ಇಸ್ರೇಲ್ ಮೂಲದ ವ್ಯಕ್ತಿಯನ್ನು ಸುಪ್ರೀಂಕೋರ್ಟ್ ತರಾಟೆಗೆ ತೆಗೆದುಕೊಂಡಿದೆ.

ಗೋಕರ್ಣ ಸಮೀಪದ ಗುಹೆಯಲ್ಲಿ ತನ್ನ ಇಬ್ಬರು ಮಕ್ಕಳೊಂದಿಗೆ ವಾಸವಿದ್ದ ರಷ್ಯಾ ಮಹಿಳೆಯ ಮಕ್ಕಳ ತಂದೆ ನಾನೇ ಎಂದು ಹೇಳಿಕೊಂಡಿದ್ದ ಇಸ್ರೇಲ್ ಮೂಲದ ವ್ಯಕ್ತಿಯನ್ನು ಸುಪ್ರೀಂಕೋರ್ಟ್ ತರಾಟೆಗೆ ತೆಗೆದುಕೊಂಡಿದೆ. ಗೋಕರ್ಣ ಸಮೀಪದ ಗುಹೆಯಲ್ಲಿ ತನ್ನ ಇಬ್ಬರು ಮಕ್ಕಳೊಂದಿಗೆ ವಾಸವಿದ್ದ ರಷ್ಯಾ ಮಹಿಳೆಯ ಮಕ್ಕಳ ತಂದೆ ನಾನೇ ಎಂದು ಹೇಳಿಕೊಂಡಿದ್ದ ಇಸ್ರೇಲ್ ಮೂಲದ ವ್ಯಕ್ತಿಯನ್ನು ಸುಪ್ರೀಂಕೋರ್ಟ್ ತರಾಟೆಗೆ ತೆಗೆದುಕೊಂಡಿದೆ.

ಗೋಕರ್ಣ ಸಮೀಪದ ಗುಹೆಯಲ್ಲಿ ತನ್ನ ಇಬ್ಬರು ಮಕ್ಕಳೊಂದಿಗೆ ವಾಸವಿದ್ದ ರಷ್ಯಾ ಮಹಿಳೆಯ ಮಕ್ಕಳ ತಂದೆ ನಾನೇ ಎಂದು ಹೇಳಿಕೊಂಡಿದ್ದ ಇಸ್ರೇಲ್ ಮೂಲದ ವ್ಯಕ್ತಿಯನ್ನು ಸುಪ್ರೀಂಕೋರ್ಟ್ ತರಾಟೆಗೆ ತೆಗೆದುಕೊಂಡಿದೆ. ಗೋಕರ್ಣ ಸಮೀಪದ ಗುಹೆಯಲ್ಲಿ ತನ್ನ ಇಬ್ಬರು ಮಕ್ಕಳೊಂದಿಗೆ ವಾಸವಿದ್ದ ರಷ್ಯಾ ಮಹಿಳೆಯ ಮಕ್ಕಳ ತಂದೆ ನಾನೇ ಎಂದು ಹೇಳಿಕೊಂಡಿದ್ದ ಇಸ್ರೇಲ್ ಮೂಲದ ವ್ಯಕ್ತಿಯನ್ನು ಸುಪ್ರೀಂಕೋರ್ಟ್ ತರಾಟೆಗೆ ತೆಗೆದುಕೊಂಡಿದೆ.

ಮೈಸೂರಿನಲ್ಲಿ ಗ್ಯಾಂಗ್ ವಾರ್: ಹಳೆ ವೈಷಮ್ಯದಿಂದ ಕೊಲೆ ಶಂಕೆ
ಹಾಡುಹಗಲೇ ಕಾರಿನಲ್ಲಿ ಹೋಗುತ್ತಿದ್ದ ವ್ಯಕ್ತಿಯ ಬರ್ಬರ ಕೊಲೆ

ಸುದ್ದಿಮೂಲ ವಾರ್ತೆ, ಮೈಸೂರು, ಅ.07: ಸಾಂಸ್ಕೃತಿಕ ನಗರಿ ಮೈಸೂರಿನಲ್ಲಿ ಹಾಡುಹಗಲೇ ಗ್ಯಾಂಗ್ ವಾರ್ ನಡೆದಿದ್ದು, ಕಾರಿನಲ್ಲಿ ಹೋಗುತ್ತಿದ್ದ ವ್ಯಕ್ತಿಯನ್ನು ಅಡ್ಡಗಟ್ಟಿ ಮಾರಕಾಸ್ತ್ರಗಳಿಂದ ಬರ್ಬರವಾಗಿ ಕೊಲೆ ಮಾಡಲಾಗಿದೆ. ಹಳೆ ವೈಷಮ್ಯದಿಂದ ಈ ಕೃತ್ಯ ನಡೆದಿರಬಹುದು ಎಂದು ಶಂಕಿಸಲಾಗಿದೆ.

ಸಾಂಸ್ಕೃತಿಕ ನಗರಿ ಮೈಸೂರಿನಲ್ಲಿ ಹಾಡುಹಗಲೇ ಗ್ಯಾಂಗ್ ವಾರ್ ನಡೆದಿದ್ದು, ಕಾರಿನಲ್ಲಿ ಹೋಗುತ್ತಿದ್ದ ವ್ಯಕ್ತಿಯನ್ನು ಅಡ್ಡಗಟ್ಟಿ ಮಾರಕಾಸ್ತ್ರಗಳಿಂದ ಬರ್ಬರವಾಗಿ ಕೊಲೆ ಮಾಡಲಾಗಿದೆ. ಹಳೆ ವೈಷಮ್ಯದಿಂದ ಈ ಕೃತ್ಯ ನಡೆದಿರಬಹುದು ಎಂದು ಶಂಕಿಸಲಾಗಿದೆ. ಸಾಂಸ್ಕೃತಿಕ ನಗರಿ ಮೈಸೂರಿನಲ್ಲಿ ಹಾಡುಹಗಲೇ ಗ್ಯಾಂಗ್ ವಾರ್ ನಡೆದಿದ್ದು, ಕಾರಿನಲ್ಲಿ ಹೋಗುತ್ತಿದ್ದ ವ್ಯಕ್ತಿಯನ್ನು ಅಡ್ಡಗಟ್ಟಿ ಮಾರಕಾಸ್ತ್ರಗಳಿಂದ ಬರ್ಬರವಾಗಿ ಕೊಲೆ ಮಾಡಲಾಗಿದೆ. ಹಳೆ ವೈಷಮ್ಯದಿಂದ ಈ ಕೃತ್ಯ ನಡೆದಿರಬಹುದು ಎಂದು ಶಂಕಿಸಲಾಗಿದೆ.

ಸಾಂಸ್ಕೃತಿಕ ನಗರಿ ಮೈಸೂರಿನಲ್ಲಿ ಹಾಡುಹಗಲೇ ಗ್ಯಾಂಗ್ ವಾರ್ ನಡೆದಿದ್ದು, ಕಾರಿನಲ್ಲಿ ಹೋಗುತ್ತಿದ್ದ ವ್ಯಕ್ತಿಯನ್ನು ಅಡ್ಡಗಟ್ಟಿ ಮಾರಕಾಸ್ತ್ರಗಳಿಂದ ಬರ್ಬರವಾಗಿ ಕೊಲೆ ಮಾಡಲಾಗಿದೆ. ಹಳೆ ವೈಷಮ್ಯದಿಂದ ಈ ಕೃತ್ಯ ನಡೆದಿರಬಹುದು ಎಂದು ಶಂಕಿಸಲಾಗಿದೆ. ಸಾಂಸ್ಕೃತಿಕ ನಗರಿ ಮೈಸೂರಿನಲ್ಲಿ ಹಾಡುಹಗಲೇ ಗ್ಯಾಂಗ್ ವಾರ್ ನಡೆದಿದ್ದು, ಕಾರಿನಲ್ಲಿ ಹೋಗುತ್ತಿದ್ದ ವ್ಯಕ್ತಿಯನ್ನು ಅಡ್ಡಗಟ್ಟಿ ಮಾರಕಾಸ್ತ್ರಗಳಿಂದ ಬರ್ಬರವಾಗಿ ಕೊಲೆ ಮಾಡಲಾಗಿದೆ. ಹಳೆ ವೈಷಮ್ಯದಿಂದ ಈ ಕೃತ್ಯ ನಡೆದಿರಬಹುದು ಎಂದು ಶಂಕಿಸಲಾಗಿದೆ.

ಸಾಂಸ್ಕೃತಿಕ ನಗರಿ ಮೈಸೂರಿನಲ್ಲಿ ಹಾಡುಹಗಲೇ ಗ್ಯಾಂಗ್ ವಾರ್ ನಡೆದಿದ್ದು, ಕಾರಿನಲ್ಲಿ ಹೋಗುತ್ತಿದ್ದ ವ್ಯಕ್ತಿಯನ್ನು ಅಡ್ಡಗಟ್ಟಿ ಮಾರಕಾಸ್ತ್ರಗಳಿಂದ ಬರ್ಬರವಾಗಿ ಕೊಲೆ ಮಾಡಲಾಗಿದೆ. ಹಳೆ ವೈಷಮ್ಯದಿಂದ ಈ ಕೃತ್ಯ ನಡೆದಿರಬಹುದು ಎಂದು ಶಂಕಿಸಲಾಗಿದೆ.

ಕೊಲೆಯಾದ ವೆಂಕಟೇಶ್ ಪೊಲೀಸರಿಗೆ ಮಾಹಿತಿ ನೀಡಿದ್ದರಾ ?: ಸಾಂಸ್ಕೃತಿಕ ನಗರಿ ಮೈಸೂರಿನಲ್ಲಿ ಹಾಡುಹಗಲೇ ಗ್ಯಾಂಗ್ ವಾರ್ ನಡೆದಿದ್ದು, ಕಾರಿನಲ್ಲಿ ಹೋಗುತ್ತಿದ್ದ ವ್ಯಕ್ತಿಯನ್ನು ಅಡ್ಡಗಟ್ಟಿ ಮಾರಕಾಸ್ತ್ರಗಳಿಂದ ಬರ್ಬರವಾಗಿ ಕೊಲೆ ಮಾಡಲಾಗಿದೆ. ಹಳೆ ವೈಷಮ್ಯದಿಂದ ಈ ಕೃತ್ಯ ನಡೆದಿರಬಹುದು ಎಂದು ಶಂಕಿಸಲಾಗಿದೆ.

ಕೊಲೆಗೆ ಯತ್ನ ನಡೆದಿತ್ತು: ಸಾಂಸ್ಕೃತಿಕ ನಗರಿ ಮೈಸೂರಿನಲ್ಲಿ ಹಾಡುಹಗಲೇ ಗ್ಯಾಂಗ್ ವಾರ್ ನಡೆದಿದ್ದು, ಕಾರಿನಲ್ಲಿ ಹೋಗುತ್ತಿದ್ದ ವ್ಯಕ್ತಿಯನ್ನು ಅಡ್ಡಗಟ್ಟಿ ಮಾರಕಾಸ್ತ್ರಗಳಿಂದ ಬರ್ಬರವಾಗಿ ಕೊಲೆ ಮಾಡಲಾಗಿದೆ. ಹಳೆ ವೈಷಮ್ಯದಿಂದ ಈ ಕೃತ್ಯ ನಡೆದಿರಬಹುದು ಎಂದು ಶಂಕಿಸಲಾಗಿದೆ.

ಫೋಟೋಗೆ ಕೆಗೆದ ಮಹಿಳೆಯರು: ಸಾಂಸ್ಕೃತಿಕ ನಗರಿ ಮೈಸೂರಿನಲ್ಲಿ ಹಾಡುಹಗಲೇ ಗ್ಯಾಂಗ್ ವಾರ್ ನಡೆದಿದ್ದು, ಕಾರಿನಲ್ಲಿ ಹೋಗುತ್ತಿದ್ದ ವ್ಯಕ್ತಿಯನ್ನು ಅಡ್ಡಗಟ್ಟಿ ಮಾರಕಾಸ್ತ್ರಗಳಿಂದ ಬರ್ಬರವಾಗಿ ಕೊಲೆ ಮಾಡಲಾಗಿದೆ. ಹಳೆ ವೈಷಮ್ಯದಿಂದ ಈ ಕೃತ್ಯ ನಡೆದಿರಬಹುದು ಎಂದು ಶಂಕಿಸಲಾಗಿದೆ.

ಸಾಂಸ್ಕೃತಿಕ ನಗರಿ ಮೈಸೂರಿನಲ್ಲಿ ಹಾಡುಹಗಲೇ ಗ್ಯಾಂಗ್ ವಾರ್ ನಡೆದಿದ್ದು, ಕಾರಿನಲ್ಲಿ ಹೋಗುತ್ತಿದ್ದ ವ್ಯಕ್ತಿಯನ್ನು ಅಡ್ಡಗಟ್ಟಿ ಮಾರಕಾಸ್ತ್ರಗಳಿಂದ ಬರ್ಬರವಾಗಿ ಕೊಲೆ ಮಾಡಲಾಗಿದೆ. ಹಳೆ ವೈಷಮ್ಯದಿಂದ ಈ ಕೃತ್ಯ ನಡೆದಿರಬಹುದು ಎಂದು ಶಂಕಿಸಲಾಗಿದೆ. ಸಾಂಸ್ಕೃತಿಕ ನಗರಿ ಮೈಸೂರಿನಲ್ಲಿ ಹಾಡುಹಗಲೇ ಗ್ಯಾಂಗ್ ವಾರ್ ನಡೆದಿದ್ದು, ಕಾರಿನಲ್ಲಿ ಹೋಗುತ್ತಿದ್ದ ವ್ಯಕ್ತಿಯನ್ನು ಅಡ್ಡಗಟ್ಟಿ ಮಾರಕಾಸ್ತ್ರಗಳಿಂದ ಬರ್ಬರವಾಗಿ ಕೊಲೆ ಮಾಡಲಾಗಿದೆ. ಹಳೆ ವೈಷಮ್ಯದಿಂದ ಈ ಕೃತ್ಯ ನಡೆದಿರಬಹುದು ಎಂದು ಶಂಕಿಸಲಾಗಿದೆ.

ಸಾಂಸ್ಕೃತಿಕ ನಗರಿ ಮೈಸೂರಿನಲ್ಲಿ ಹಾಡುಹಗಲೇ ಗ್ಯಾಂಗ್ ವಾರ್ ನಡೆದಿದ್ದು, ಕಾರಿನಲ್ಲಿ ಹೋಗುತ್ತಿದ್ದ ವ್ಯಕ್ತಿಯನ್ನು ಅಡ್ಡಗಟ್ಟಿ ಮಾರಕಾಸ್ತ್ರಗಳಿಂದ ಬರ್ಬರವಾಗಿ ಕೊಲೆ ಮಾಡಲಾಗಿದೆ. ಹಳೆ ವೈಷಮ್ಯದಿಂದ ಈ ಕೃತ್ಯ ನಡೆದಿರಬಹುದು ಎಂದು ಶಂಕಿಸಲಾಗಿದೆ.

SUDDI MOOLA – Printed and Published by Vishwanath Basavaraj Swamy on behalf of Suddimoola Publishers India Limited. Printed at Abhimaani Prakashana, No. 2/4, Dr.Rajkumar Road, Bengaluru – 560 010 Karnataka.
Published at : # 76/1, 6th Cross, Sampige Road, Malleswaram, Bengaluru – 560 003. Karnataka. Mob:9591374602 Editor : Basavaraj Swamy RNI No.: KARKAN/2023/85361 Vol.03 No.171
